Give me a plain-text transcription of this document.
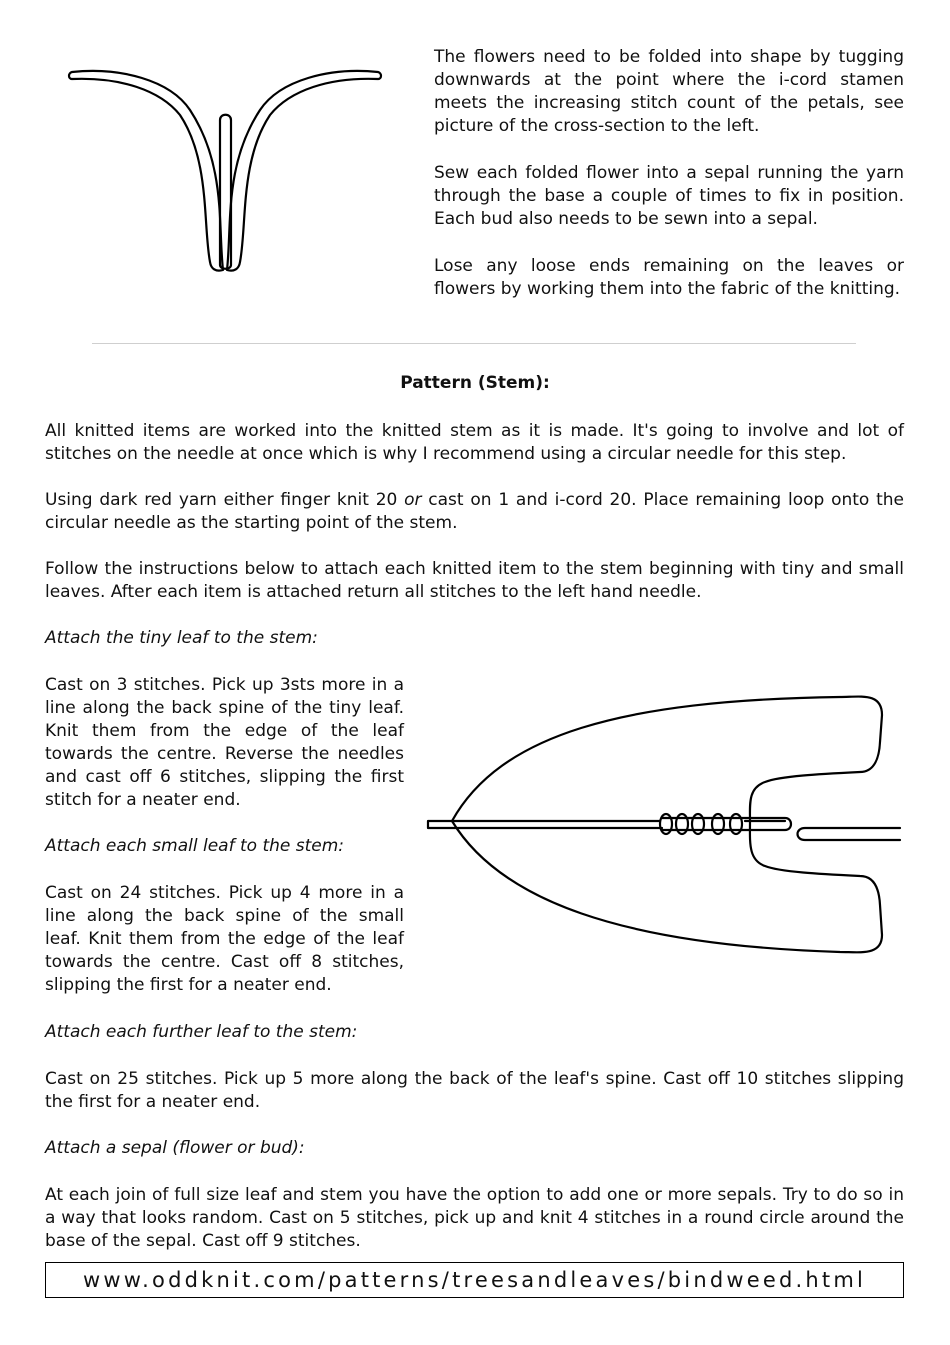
The flowers need to be folded into shape by tugging downwards at the point where the i-cord stamen meets the increasing stitch count of the petals, see picture of the cross-section to the left.

Sew each folded flower into a sepal running the yarn through the base a couple of times to fix in position. Each bud also needs to be sewn into a sepal.

Lose any loose ends remaining on the leaves or flowers by working them into the fabric of the knitting.

Pattern (Stem):

All knitted items are worked into the knitted stem as it is made. It's going to involve and lot of stitches on the needle at once which is why I recommend using a circular needle for this step.

Using dark red yarn either finger knit 20 or cast on 1 and i-cord 20. Place remaining loop onto the circular needle as the starting point of the stem.

Follow the instructions below to attach each knitted item to the stem beginning with tiny and small leaves. After each item is attached return all stitches to the left hand needle.

Attach the tiny leaf to the stem:

Cast on 3 stitches. Pick up 3sts more in a line along the back spine of the tiny leaf. Knit them from the edge of the leaf towards the centre. Reverse the needles and cast off 6 stitches, slipping the first stitch for a neater end.

Attach each small leaf to the stem:

Cast on 24 stitches. Pick up 4 more in a line along the back spine of the small leaf. Knit them from the edge of the leaf towards the centre. Cast off 8 stitches, slipping the first for a neater end.

Attach each further leaf to the stem:

Cast on 25 stitches. Pick up 5 more along the back of the leaf's spine. Cast off 10 stitches slipping the first for a neater end.

Attach a sepal (flower or bud):

At each join of full size leaf and stem you have the option to add one or more sepals. Try to do so in a way that looks random. Cast on 5 stitches, pick up and knit 4 stitches in a round circle around the base of the sepal. Cast off 9 stitches.

www.oddknit.com/patterns/treesandleaves/bindweed.html
